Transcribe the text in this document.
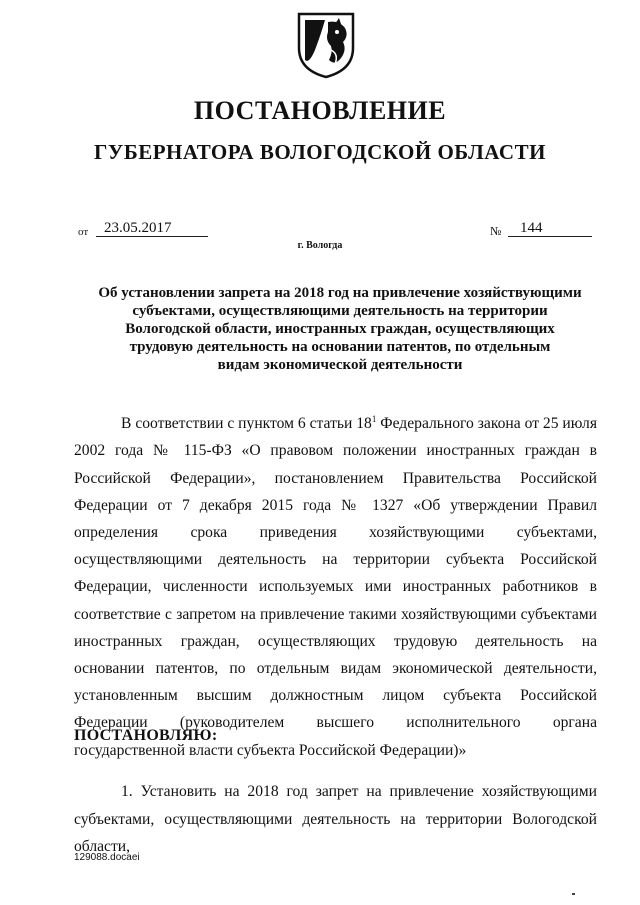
ПОСТАНОВЛЕНИЕ
ГУБЕРНАТОРА ВОЛОГОДСКОЙ ОБЛАСТИ
от 23.05.2017	№ 144
г. Вологда
Об установлении запрета на 2018 год на привлечение хозяйствующими
субъектами, осуществляющими деятельность на территории
Вологодской области, иностранных граждан, осуществляющих
трудовую деятельность на основании патентов, по отдельным
видам экономической деятельности

В соответствии с пунктом 6 статьи $18^1$ Федерального закона от 25 июля 2002 года № 115-ФЗ «О правовом положении иностранных граждан в Российской Федерации», постановлением Правительства Российской Федерации от 7 декабря 2015 года № 1327 «Об утверждении Правил определения срока приведения хозяйствующими субъектами, осуществляющими деятельность на территории субъекта Российской Федерации, численности используемых ими иностранных работников в соответствие с запретом на привлечение такими хозяйствующими субъектами иностранных граждан, осуществляющих трудовую деятельность на основании патентов, по отдельным видам экономической деятельности, установленным высшим должностным лицом субъекта Российской Федерации (руководителем высшего исполнительного органа государственной власти субъекта Российской Федерации)»

ПОСТАНОВЛЯЮ:

1. Установить на 2018 год запрет на привлечение хозяйствующими субъектами, осуществляющими деятельность на территории Вологодской области,

129088.docaei
